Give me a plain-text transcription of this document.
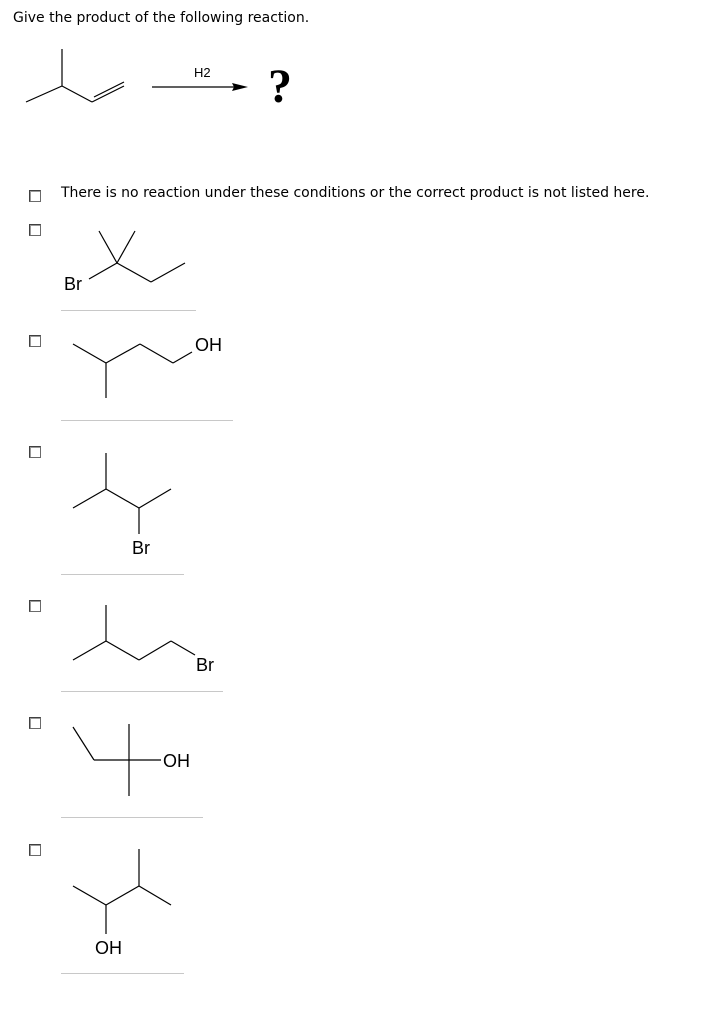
Give the product of the following reaction.
H2 ?
There is no reaction under these conditions or the correct product is not listed here.
Br
OH
Br
Br
OH
OH
